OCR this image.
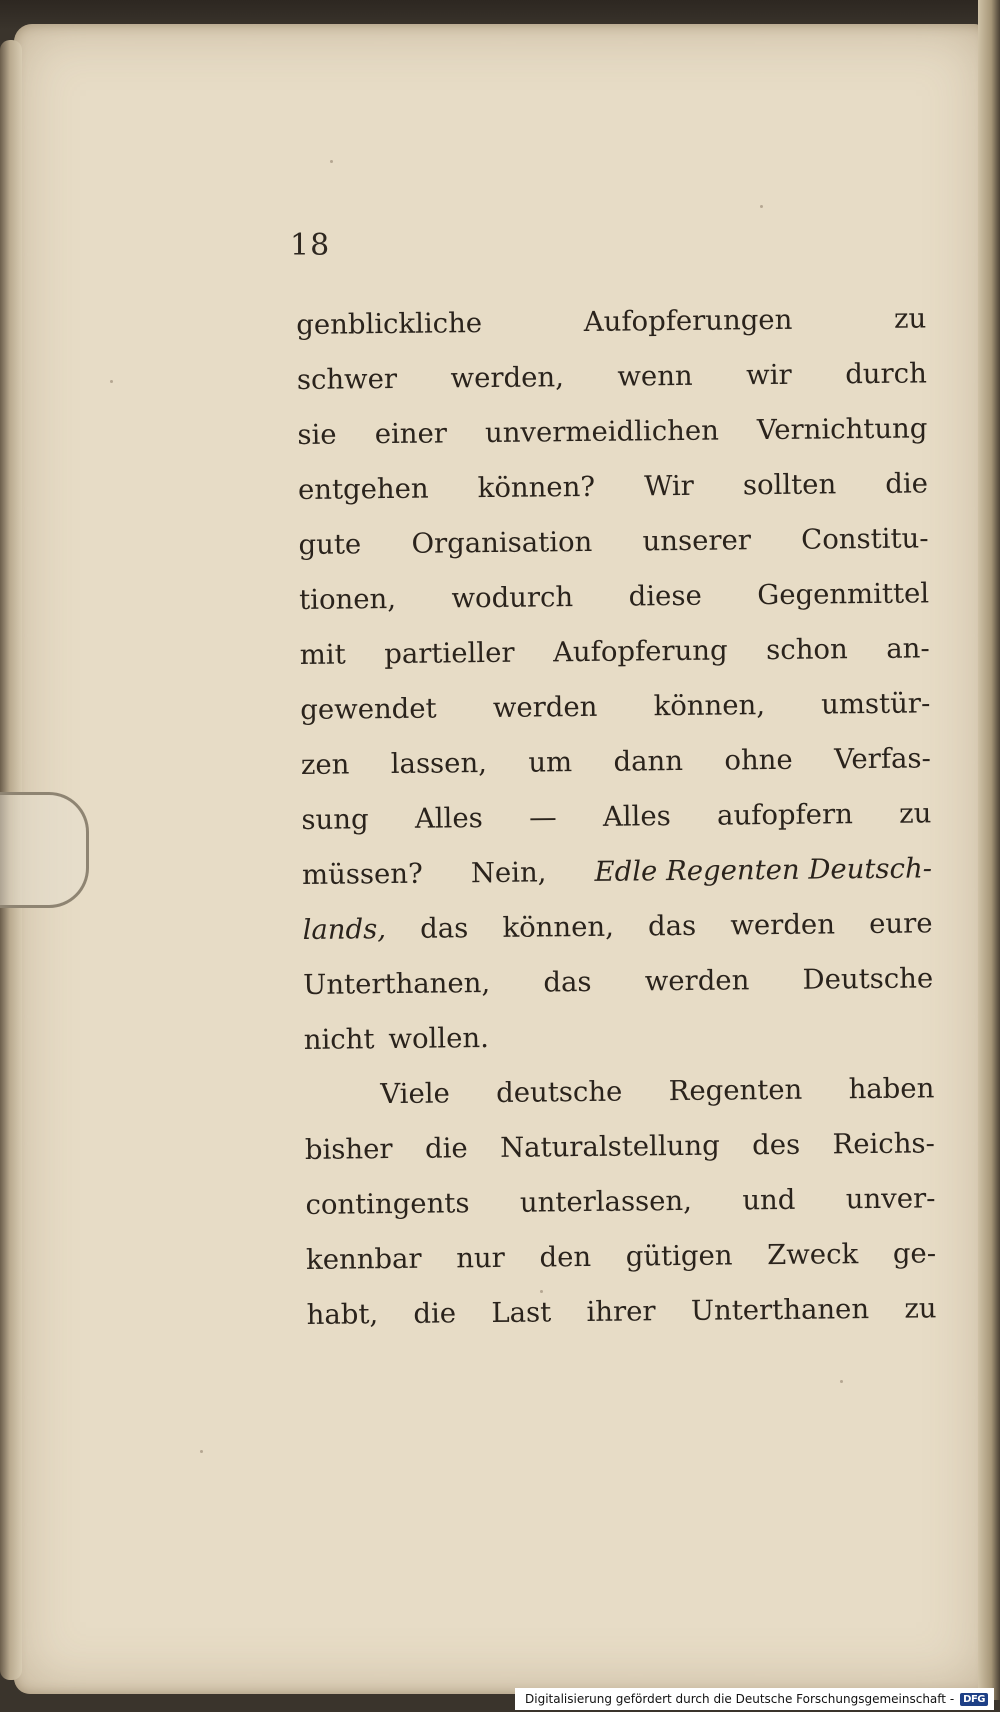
18
genblickliche	Aufopferungen	zu
schwer werden, wenn wir durch
sie einer unvermeidlichen Vernichtung
entgehen können? Wir sollten die
gute Organisation unserer Constitu-
tionen, wodurch diese Gegenmittel
mit partieller Aufopferung schon an-
gewendet werden können, umstür-
zen lassen, um dann ohne Verfas-
sung Alles — Alles aufopfern zu
müssen? Nein, Edle Regenten Deutsch-
lands, das können, das werden eure
Unterthanen, das werden Deutsche
nicht wollen.
Viele deutsche Regenten haben
bisher die Naturalstellung des Reichs-
contingents unterlassen, und unver-
kennbar nur den gütigen Zweck ge-
habt, die Last ihrer Unterthanen zu
Digitalisierung gefördert durch die Deutsche Forschungsgemeinschaft - DFG
